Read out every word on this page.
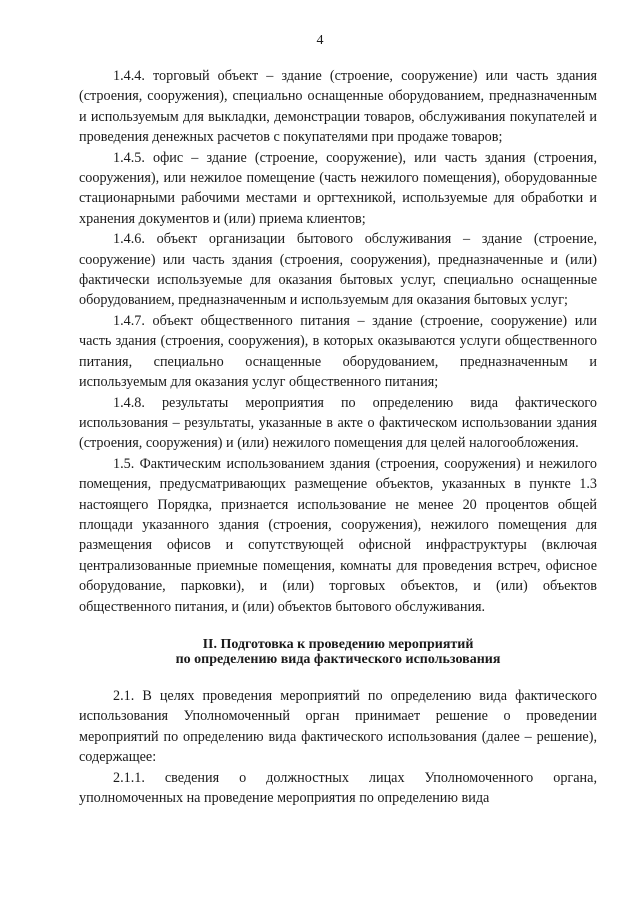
4

1.4.4. торговый объект – здание (строение, сооружение) или часть здания (строения, сооружения), специально оснащенные оборудованием, предназначенным и используемым для выкладки, демонстрации товаров, обслуживания покупателей и проведения денежных расчетов с покупателями при продаже товаров;

1.4.5. офис – здание (строение, сооружение), или часть здания (строения, сооружения), или нежилое помещение (часть нежилого помещения), оборудованные стационарными рабочими местами и оргтехникой, используемые для обработки и хранения документов и (или) приема клиентов;

1.4.6. объект организации бытового обслуживания – здание (строение, сооружение) или часть здания (строения, сооружения), предназначенные и (или) фактически используемые для оказания бытовых услуг, специально оснащенные оборудованием, предназначенным и используемым для оказания бытовых услуг;

1.4.7. объект общественного питания – здание (строение, сооружение) или часть здания (строения, сооружения), в которых оказываются услуги общественного питания, специально оснащенные оборудованием, предназначенным и используемым для оказания услуг общественного питания;

1.4.8. результаты мероприятия по определению вида фактического использования – результаты, указанные в акте о фактическом использовании здания (строения, сооружения) и (или) нежилого помещения для целей налогообложения.

1.5. Фактическим использованием здания (строения, сооружения) и нежилого помещения, предусматривающих размещение объектов, указанных в пункте 1.3 настоящего Порядка, признается использование не менее 20 процентов общей площади указанного здания (строения, сооружения), нежилого помещения для размещения офисов и сопутствующей офисной инфраструктуры (включая централизованные приемные помещения, комнаты для проведения встреч, офисное оборудование, парковки), и (или) торговых объектов, и (или) объектов общественного питания, и (или) объектов бытового обслуживания.

II. Подготовка к проведению мероприятий
по определению вида фактического использования

2.1. В целях проведения мероприятий по определению вида фактического использования Уполномоченный орган принимает решение о проведении мероприятий по определению вида фактического использования (далее – решение), содержащее:

2.1.1. сведения о должностных лицах Уполномоченного органа, уполномоченных на проведение мероприятия по определению вида
